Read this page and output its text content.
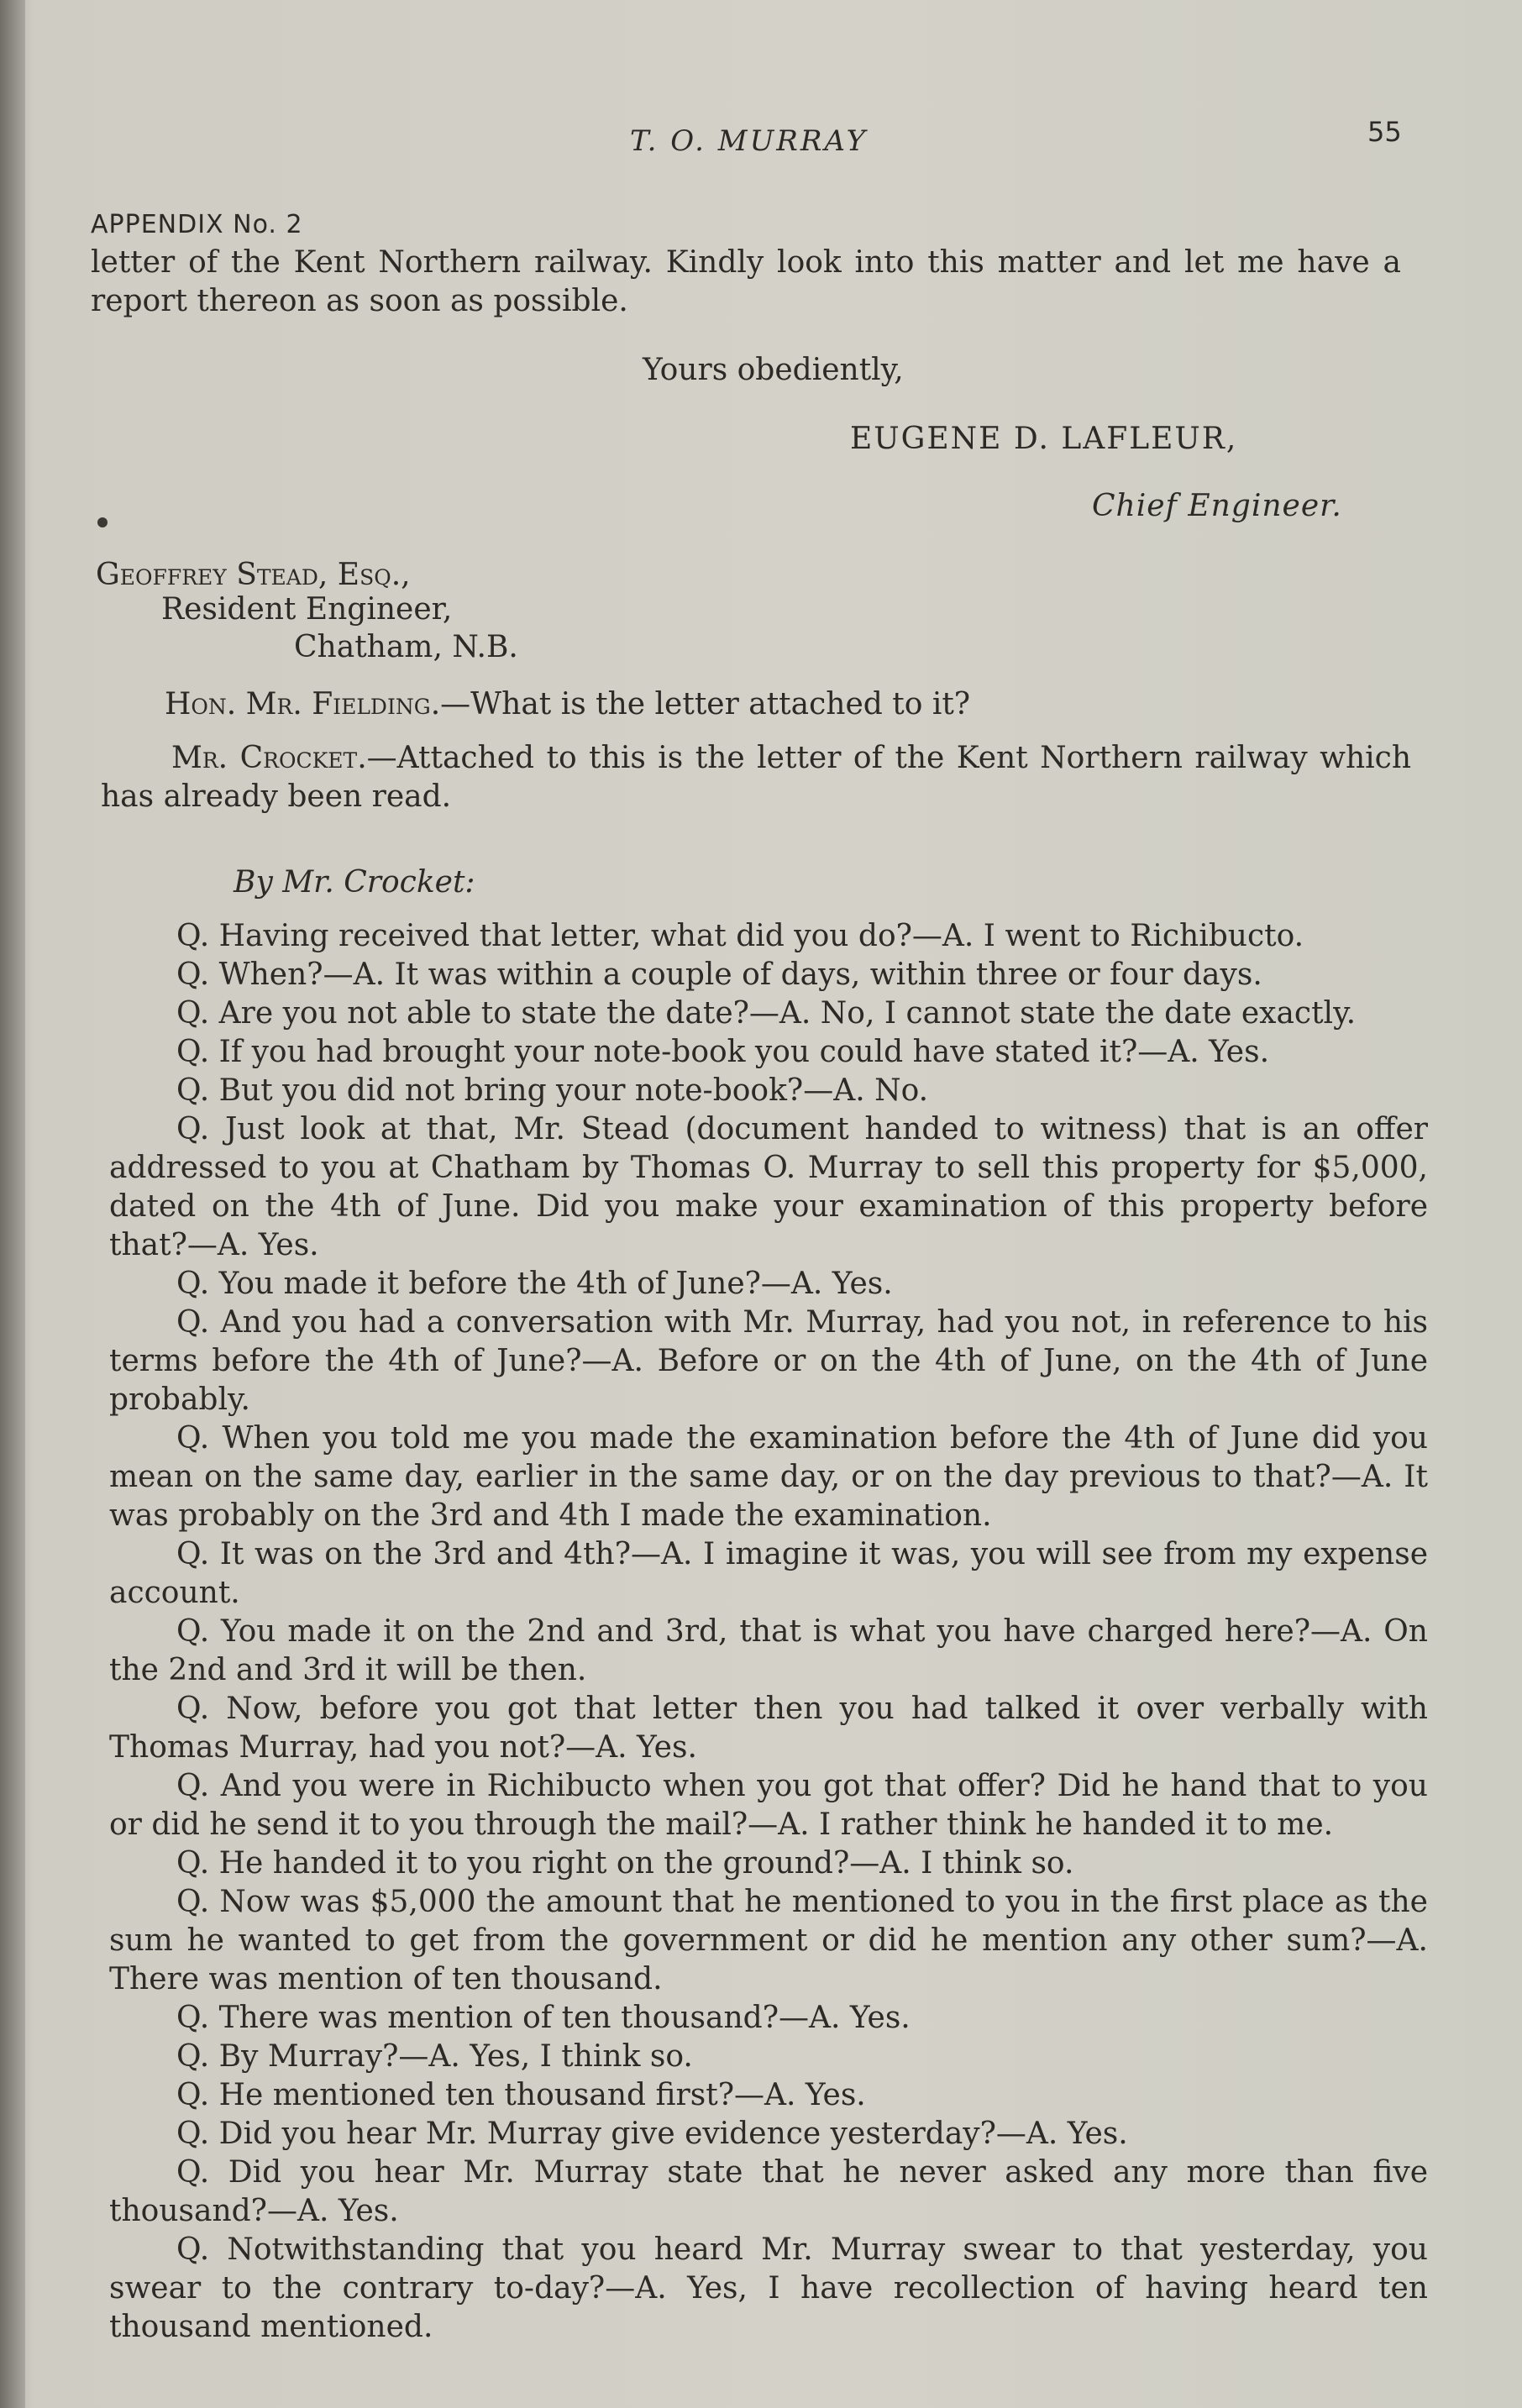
T. O. MURRAY	55
APPENDIX No. 2

letter of the Kent Northern railway. Kindly look into this matter and let me have a report thereon as soon as possible.

Yours obediently,
EUGENE D. LAFLEUR,
Chief Engineer.
Geoffrey Stead, Esq.,
Resident Engineer,
Chatham, N.B.

Hon. Mr. Fielding.—What is the letter attached to it?

Mr. Crocket.—Attached to this is the letter of the Kent Northern railway which has already been read.

By Mr. Crocket:

Q. Having received that letter, what did you do?—A. I went to Richibucto.

Q. When?—A. It was within a couple of days, within three or four days.

Q. Are you not able to state the date?—A. No, I cannot state the date exactly.

Q. If you had brought your note-book you could have stated it?—A. Yes.

Q. But you did not bring your note-book?—A. No.

Q. Just look at that, Mr. Stead (document handed to witness) that is an offer addressed to you at Chatham by Thomas O. Murray to sell this property for $5,000, dated on the 4th of June. Did you make your examination of this property before that?—A. Yes.

Q. You made it before the 4th of June?—A. Yes.

Q. And you had a conversation with Mr. Murray, had you not, in reference to his terms before the 4th of June?—A. Before or on the 4th of June, on the 4th of June probably.

Q. When you told me you made the examination before the 4th of June did you mean on the same day, earlier in the same day, or on the day previous to that?—A. It was probably on the 3rd and 4th I made the examination.

Q. It was on the 3rd and 4th?—A. I imagine it was, you will see from my expense account.

Q. You made it on the 2nd and 3rd, that is what you have charged here?—A. On the 2nd and 3rd it will be then.

Q. Now, before you got that letter then you had talked it over verbally with Thomas Murray, had you not?—A. Yes.

Q. And you were in Richibucto when you got that offer? Did he hand that to you or did he send it to you through the mail?—A. I rather think he handed it to me.

Q. He handed it to you right on the ground?—A. I think so.

Q. Now was $5,000 the amount that he mentioned to you in the first place as the sum he wanted to get from the government or did he mention any other sum?—A. There was mention of ten thousand.

Q. There was mention of ten thousand?—A. Yes.

Q. By Murray?—A. Yes, I think so.

Q. He mentioned ten thousand first?—A. Yes.

Q. Did you hear Mr. Murray give evidence yesterday?—A. Yes.

Q. Did you hear Mr. Murray state that he never asked any more than five thousand?—A. Yes.

Q. Notwithstanding that you heard Mr. Murray swear to that yesterday, you swear to the contrary to-day?—A. Yes, I have recollection of having heard ten thousand mentioned.
